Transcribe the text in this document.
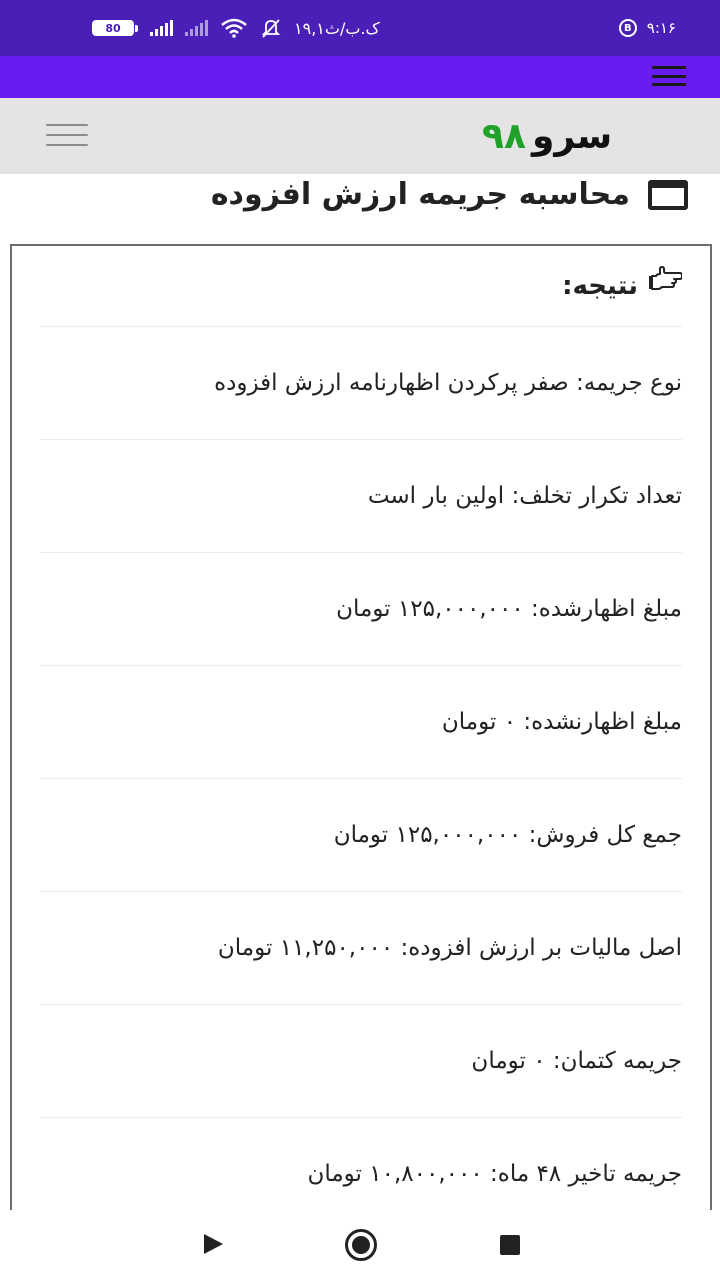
80	۱۹,۱ک.ب/ث	B	۹:۱۶
سرو
۹۸
محاسبه جریمه ارزش افزوده
نتیجه:
نوع جریمه: صفر پرکردن اظهارنامه ارزش افزوده
تعداد تکرار تخلف: اولین بار است
مبلغ اظهارشده: ۱۲۵,۰۰۰,۰۰۰ تومان
مبلغ اظهارنشده: ۰ تومان
جمع کل فروش: ۱۲۵,۰۰۰,۰۰۰ تومان
اصل مالیات بر ارزش افزوده: ۱۱,۲۵۰,۰۰۰ تومان
جریمه کتمان: ۰ تومان
جریمه تاخیر ۴۸ ماه: ۱۰,۸۰۰,۰۰۰ تومان
